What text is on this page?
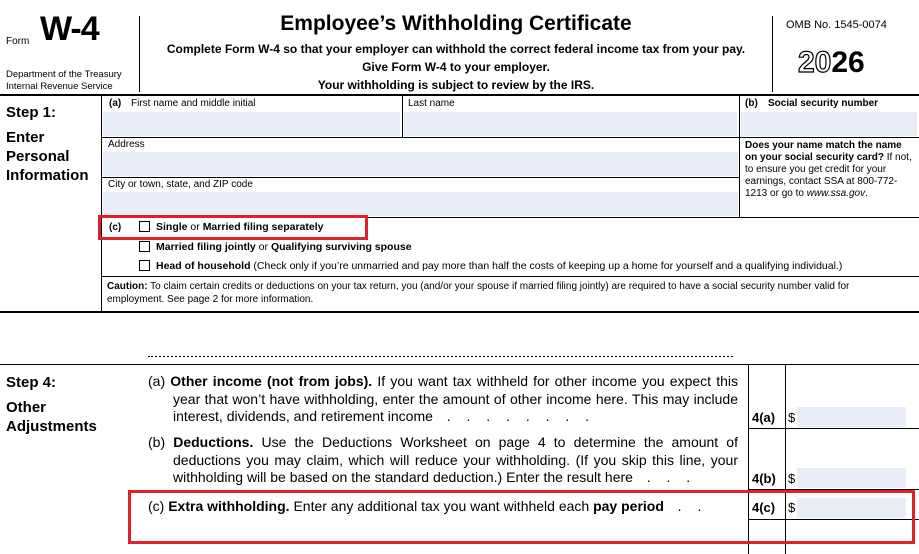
Form W-4
Department of the Treasury
Internal Revenue Service
Employee’s Withholding Certificate
Complete Form W-4 so that your employer can withhold the correct federal income tax from your pay.
Give Form W-4 to your employer.
Your withholding is subject to review by the IRS.
OMB No. 1545-0074
2026
Step 1:
Enter
Personal
Information
(a) First name and middle initial	Last name	(b) Social security number
Address
City or town, state, and ZIP code
Does your name match the name on your social security card? If not, to ensure you get credit for your earnings, contact SSA at 800-772-1213 or go to www.ssa.gov.
(c)	Single or Married filing separately
Married filing jointly or Qualifying surviving spouse
Head of household (Check only if you’re unmarried and pay more than half the costs of keeping up a home for yourself and a qualifying individual.)
Caution: To claim certain credits or deductions on your tax return, you (and/or your spouse if married filing jointly) are required to have a social security number valid for employment. See page 2 for more information.
Step 4:
Other
Adjustments
(a) Other income (not from jobs). If you want tax withheld for other income you expect this year that won’t have withholding, enter the amount of other income here. This may include interest, dividends, and retirement income  . . . . . . . .	4(a) $
(b) Deductions. Use the Deductions Worksheet on page 4 to determine the amount of deductions you may claim, which will reduce your withholding. (If you skip this line, your withholding will be based on the standard deduction.) Enter the result here  . . .	4(b) $
(c) Extra withholding. Enter any additional tax you want withheld each pay period  . .	4(c) $
